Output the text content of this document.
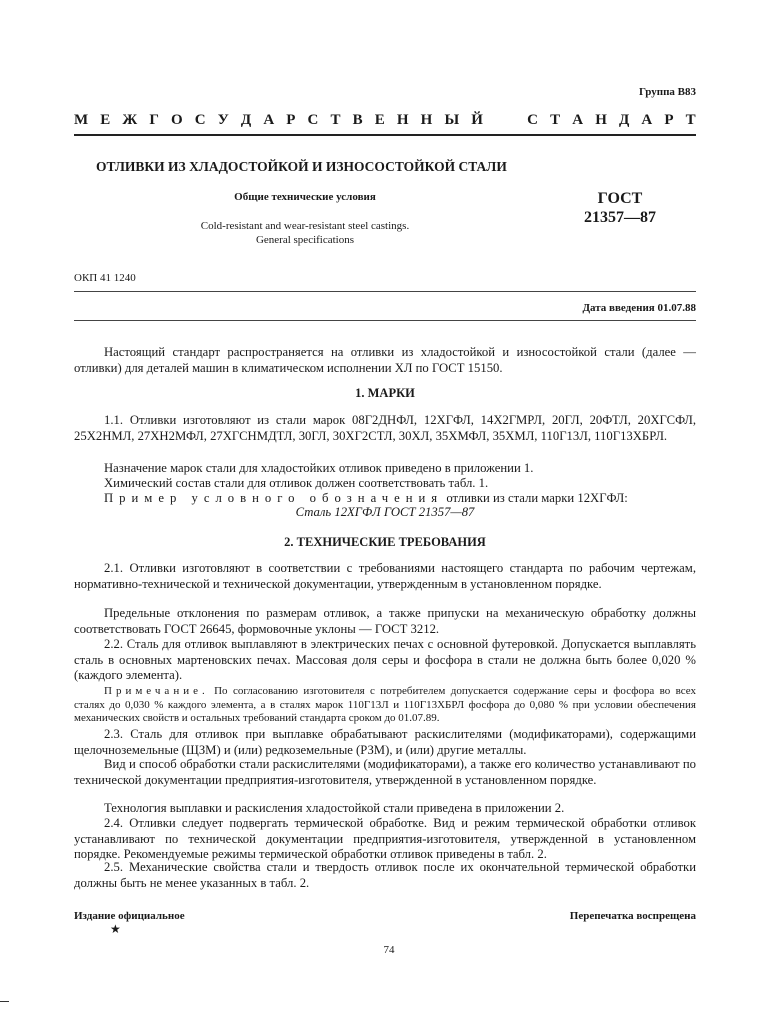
Группа В83
М Е Ж Г О С У Д А Р С Т В Е Н Н Ы Й	С Т А Н Д А Р Т
ОТЛИВКИ ИЗ ХЛАДОСТОЙКОЙ И ИЗНОСОСТОЙКОЙ СТАЛИ
Общие технические условия
Cold-resistant and wear-resistant steel castings.
General specifications
ГОСТ
21357—87
ОКП 41 1240
Дата введения 01.07.88
Настоящий стандарт распространяется на отливки из хладостойкой и износостойкой стали (далее — отливки) для деталей машин в климатическом исполнении ХЛ по ГОСТ 15150.
1. МАРКИ
1.1. Отливки изготовляют из стали марок 08Г2ДНФЛ, 12ХГФЛ, 14Х2ГМРЛ, 20ГЛ, 20ФТЛ, 20ХГСФЛ, 25Х2НМЛ, 27ХН2МФЛ, 27ХГСНМДТЛ, 30ГЛ, 30ХГ2СТЛ, 30ХЛ, 35ХМФЛ, 35ХМЛ, 110Г13Л, 110Г13ХБРЛ.
Назначение марок стали для хладостойких отливок приведено в приложении 1.
Химический состав стали для отливок должен соответствовать табл. 1.
Пример условного обозначения отливки из стали марки 12ХГФЛ:
Сталь 12ХГФЛ ГОСТ 21357—87
2. ТЕХНИЧЕСКИЕ ТРЕБОВАНИЯ
2.1. Отливки изготовляют в соответствии с требованиями настоящего стандарта по рабочим чертежам, нормативно-технической и технической документации, утвержденным в установленном порядке.
Предельные отклонения по размерам отливок, а также припуски на механическую обработку должны соответствовать ГОСТ 26645, формовочные уклоны — ГОСТ 3212.
2.2. Сталь для отливок выплавляют в электрических печах с основной футеровкой. Допускается выплавлять сталь в основных мартеновских печах. Массовая доля серы и фосфора в стали не должна быть более 0,020 % (каждого элемента).
Примечание. По согласованию изготовителя с потребителем допускается содержание серы и фосфора во всех сталях до 0,030 % каждого элемента, а в сталях марок 110Г13Л и 110Г13ХБРЛ фосфора до 0,080 % при условии обеспечения механических свойств и остальных требований стандарта сроком до 01.07.89.
2.3. Сталь для отливок при выплавке обрабатывают раскислителями (модификаторами), содержащими щелочноземельные (ЩЗМ) и (или) редкоземельные (РЗМ), и (или) другие металлы.
Вид и способ обработки стали раскислителями (модификаторами), а также его количество устанавливают по технической документации предприятия-изготовителя, утвержденной в установленном порядке.
Технология выплавки и раскисления хладостойкой стали приведена в приложении 2.
2.4. Отливки следует подвергать термической обработке. Вид и режим термической обработки отливок устанавливают по технической документации предприятия-изготовителя, утвержденной в установленном порядке. Рекомендуемые режимы термической обработки отливок приведены в табл. 2.
2.5. Механические свойства стали и твердость отливок после их окончательной термической обработки должны быть не менее указанных в табл. 2.
Издание официальное	Перепечатка воспрещена
★
74
